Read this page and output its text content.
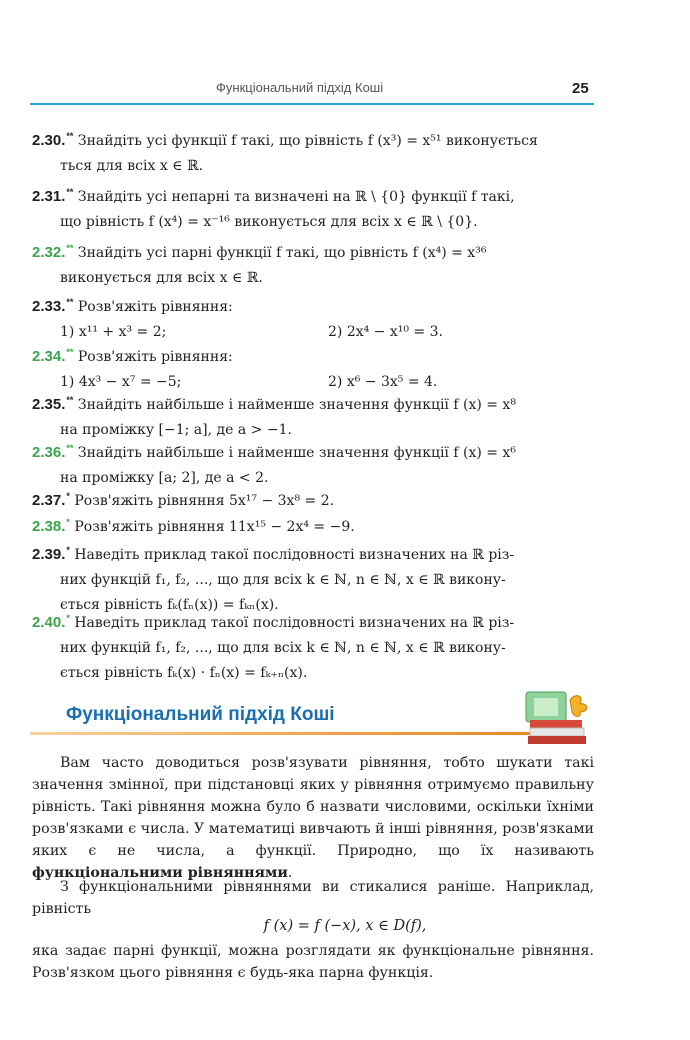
Функціональний підхід Коші	25
2.30.** Знайдіть усі функції f такі, що рівність f (x³) = x⁵¹ виконується
ться для всіх x ∈ ℝ.
2.31.** Знайдіть усі непарні та визначені на ℝ \ {0} функції f такі,
що рівність f (x⁴) = x⁻¹⁶ виконується для всіх x ∈ ℝ \ {0}.
2.32.** Знайдіть усі парні функції f такі, що рівність f (x⁴) = x³⁶
виконується для всіх x ∈ ℝ.
2.33.** Розв'яжіть рівняння:
1) x¹¹ + x³ = 2;	2) 2x⁴ − x¹⁰ = 3.
2.34.** Розв'яжіть рівняння:
1) 4x³ − x⁷ = −5;	2) x⁶ − 3x⁵ = 4.
2.35.** Знайдіть найбільше і найменше значення функції f (x) = x⁸
на проміжку [−1; a], де a > −1.
2.36.** Знайдіть найбільше і найменше значення функції f (x) = x⁶
на проміжку [a; 2], де a < 2.
2.37.* Розв'яжіть рівняння 5x¹⁷ − 3x⁸ = 2.
2.38.* Розв'яжіть рівняння 11x¹⁵ − 2x⁴ = −9.
2.39.* Наведіть приклад такої послідовності визначених на ℝ різ-
них функцій f₁, f₂, ..., що для всіх k ∈ ℕ, n ∈ ℕ, x ∈ ℝ викону-
ється рівність fₖ(fₙ(x)) = fₖₙ(x).
2.40.* Наведіть приклад такої послідовності визначених на ℝ різ-
них функцій f₁, f₂, ..., що для всіх k ∈ ℕ, n ∈ ℕ, x ∈ ℝ викону-
ється рівність fₖ(x) · fₙ(x) = fₖ₊ₙ(x).
Функціональний підхід Коші
Вам часто доводиться розв'язувати рівняння, тобто шукати такі значення змінної, при підстановці яких у рівняння отримуємо правильну рівність. Такі рівняння можна було б назвати числовими, оскільки їхніми розв'язками є числа. У математиці вивчають й інші рівняння, розв'язками яких є не числа, а функції. Природно, що їх називають функціональними рівняннями.
З функціональними рівняннями ви стикалися раніше. Наприклад, рівність
f (x) = f (−x), x ∈ D(f),
яка задає парні функції, можна розглядати як функціональне рівняння. Розв'язком цього рівняння є будь-яка парна функція.
